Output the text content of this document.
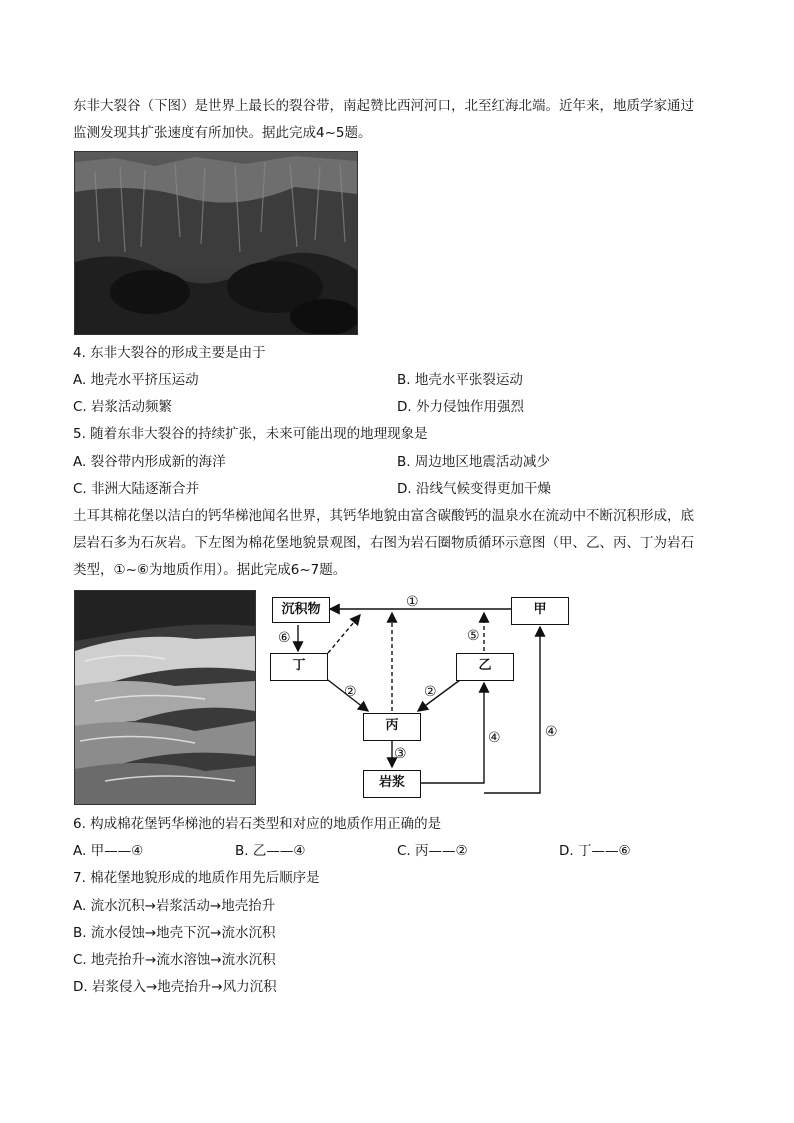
东非大裂谷（下图）是世界上最长的裂谷带，南起赞比西河河口，北至红海北端。近年来，地质学家通过
监测发现其扩张速度有所加快。据此完成4~5题。
4. 东非大裂谷的形成主要是由于
A. 地壳水平挤压运动	B. 地壳水平张裂运动
C. 岩浆活动频繁	D. 外力侵蚀作用强烈
5. 随着东非大裂谷的持续扩张，未来可能出现的地理现象是
A. 裂谷带内形成新的海洋	B. 周边地区地震活动减少
C. 非洲大陆逐渐合并	D. 沿线气候变得更加干燥
土耳其棉花堡以洁白的钙华梯池闻名世界，其钙华地貌由富含碳酸钙的温泉水在流动中不断沉积形成，底
层岩石多为石灰岩。下左图为棉花堡地貌景观图，右图为岩石圈物质循环示意图（甲、乙、丙、丁为岩石
类型，①~⑥为地质作用）。据此完成6~7题。
沉积物	甲
丁	乙
丙
岩浆
①
⑥	⑤
②	②
③
④	④
6. 构成棉花堡钙华梯池的岩石类型和对应的地质作用正确的是
A. 甲——④	B. 乙——④	C. 丙——②	D. 丁——⑥
7. 棉花堡地貌形成的地质作用先后顺序是
A. 流水沉积→岩浆活动→地壳抬升
B. 流水侵蚀→地壳下沉→流水沉积
C. 地壳抬升→流水溶蚀→流水沉积
D. 岩浆侵入→地壳抬升→风力沉积
